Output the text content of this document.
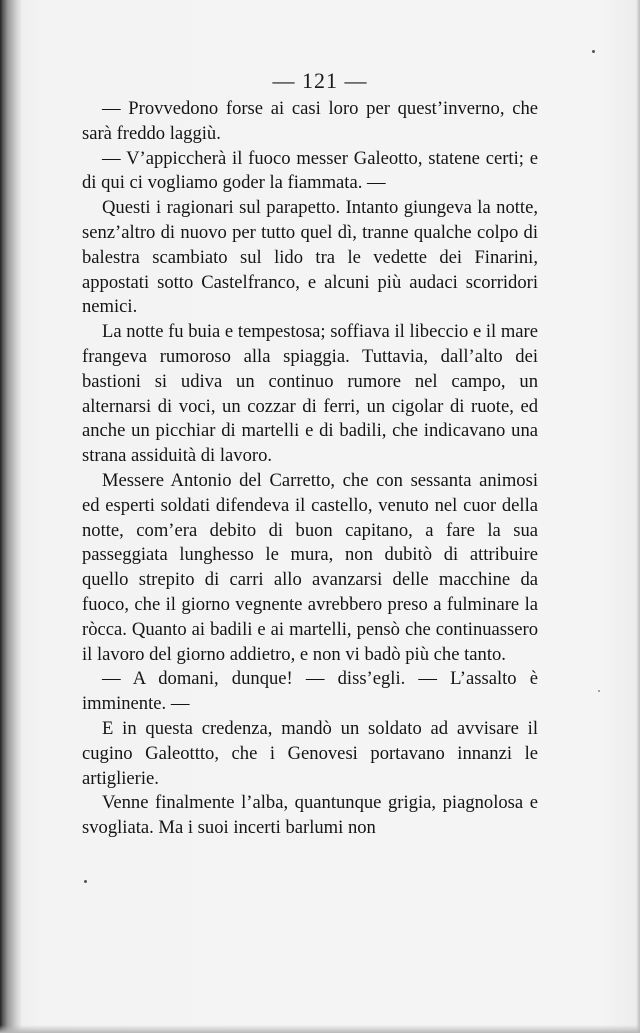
— 121 —

— Provvedono forse ai casi loro per quest’inverno, che sarà freddo laggiù.

— V’appiccherà il fuoco messer Galeotto, statene certi; e di qui ci vogliamo goder la fiammata. —

Questi i ragionari sul parapetto. Intanto giungeva la notte, senz’altro di nuovo per tutto quel dì, tranne qualche colpo di balestra scambiato sul lido tra le vedette dei Finarini, appostati sotto Castelfranco, e alcuni più audaci scorridori nemici.

La notte fu buia e tempestosa; soffiava il libeccio e il mare frangeva rumoroso alla spiaggia. Tuttavia, dall’alto dei bastioni si udiva un continuo rumore nel campo, un alternarsi di voci, un cozzar di ferri, un cigolar di ruote, ed anche un picchiar di martelli e di badili, che indicavano una strana assiduità di lavoro.

Messere Antonio del Carretto, che con sessanta animosi ed esperti soldati difendeva il castello, venuto nel cuor della notte, com’era debito di buon capitano, a fare la sua passeggiata lunghesso le mura, non dubitò di attribuire quello strepito di carri allo avanzarsi delle macchine da fuoco, che il giorno vegnente avrebbero preso a fulminare la ròcca. Quanto ai badili e ai martelli, pensò che continuassero il lavoro del giorno addietro, e non vi badò più che tanto.

— A domani, dunque! — diss’egli. — L’assalto è imminente. —

E in questa credenza, mandò un soldato ad avvisare il cugino Galeottto, che i Genovesi portavano innanzi le artiglierie.

Venne finalmente l’alba, quantunque grigia, piagnolosa e svogliata. Ma i suoi incerti barlumi non
